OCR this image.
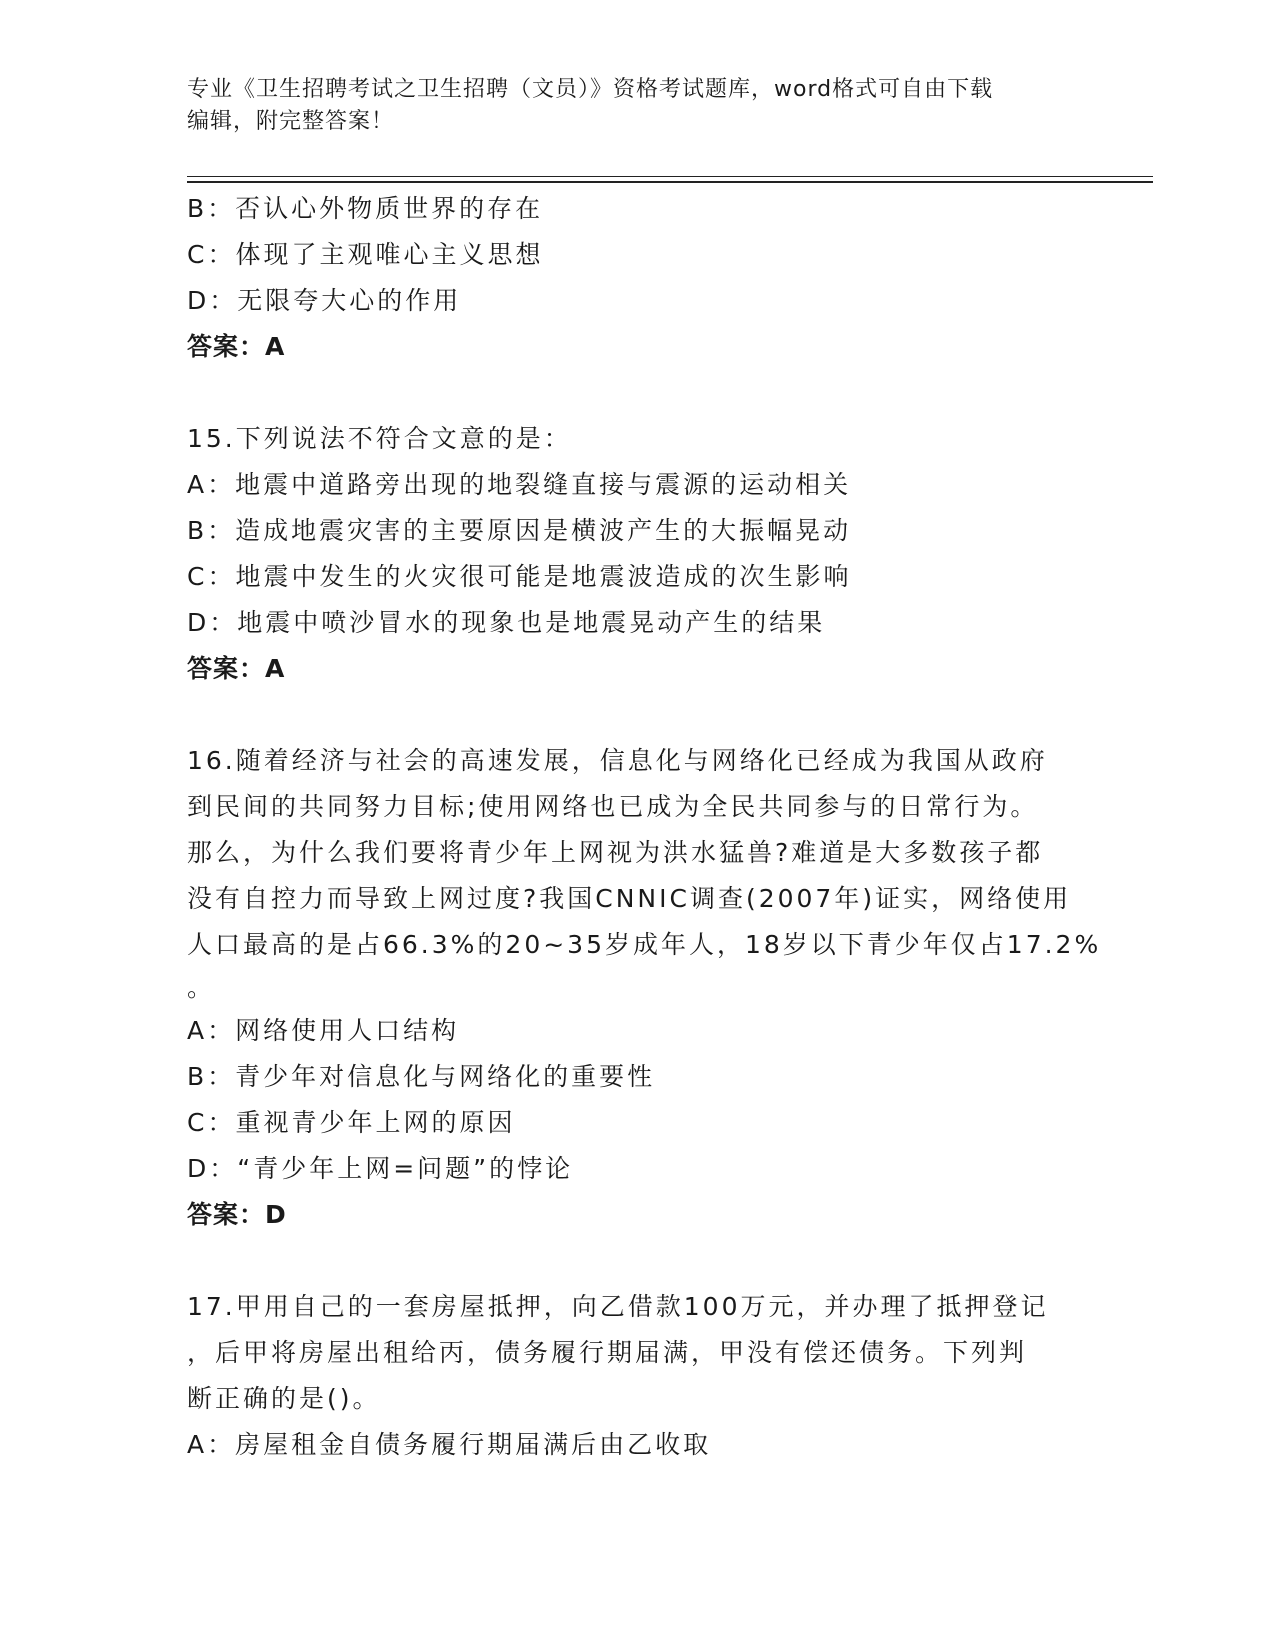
专业《卫生招聘考试之卫生招聘（文员）》资格考试题库，word格式可自由下载
编辑，附完整答案！
B：否认心外物质世界的存在
C：体现了主观唯心主义思想
D：无限夸大心的作用
答案：A
15.下列说法不符合文意的是：
A：地震中道路旁出现的地裂缝直接与震源的运动相关
B：造成地震灾害的主要原因是横波产生的大振幅晃动
C：地震中发生的火灾很可能是地震波造成的次生影响
D：地震中喷沙冒水的现象也是地震晃动产生的结果
答案：A
16.随着经济与社会的高速发展，信息化与网络化已经成为我国从政府
到民间的共同努力目标;使用网络也已成为全民共同参与的日常行为。
那么，为什么我们要将青少年上网视为洪水猛兽?难道是大多数孩子都
没有自控力而导致上网过度?我国CNNIC调查(2007年)证实，网络使用
人口最高的是占66.3%的20~35岁成年人，18岁以下青少年仅占17.2%
。
A：网络使用人口结构
B：青少年对信息化与网络化的重要性
C：重视青少年上网的原因
D：“青少年上网=问题”的悖论
答案：D
17.甲用自己的一套房屋抵押，向乙借款100万元，并办理了抵押登记
，后甲将房屋出租给丙，债务履行期届满，甲没有偿还债务。下列判
断正确的是()。
A：房屋租金自债务履行期届满后由乙收取
